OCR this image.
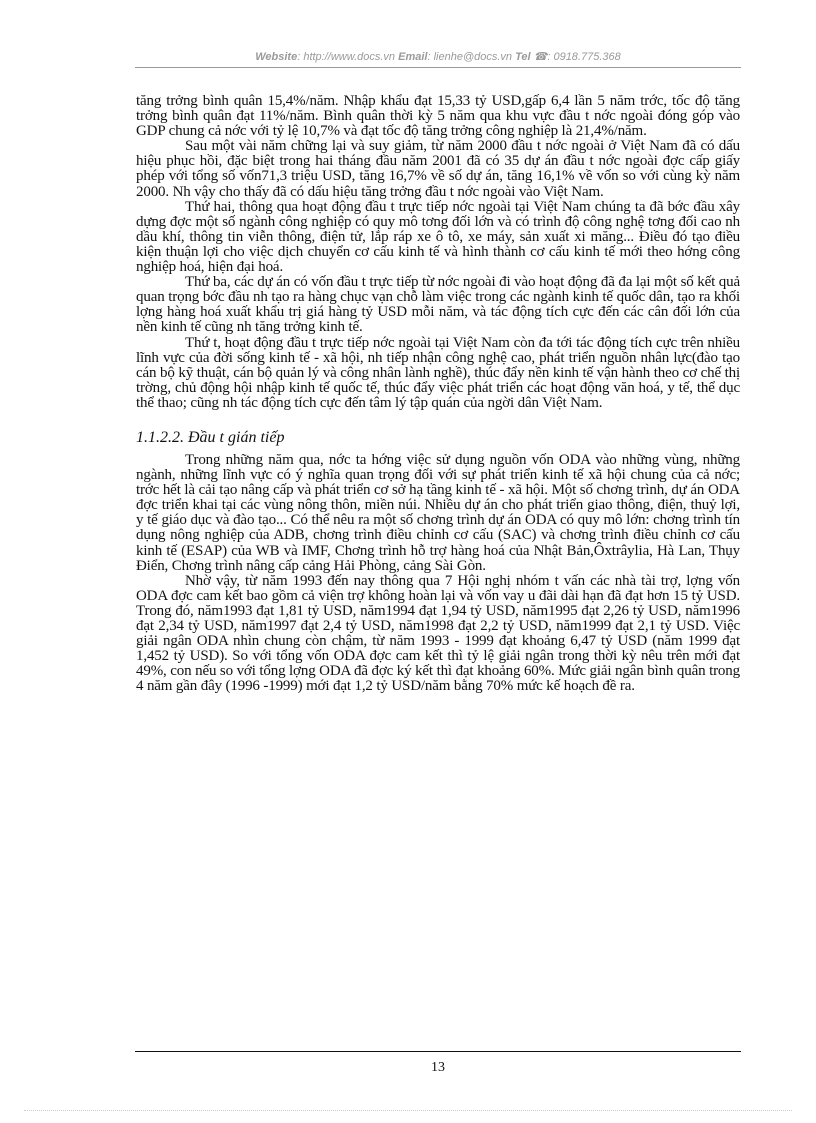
Website: http://www.docs.vn Email: lienhe@docs.vn Tel ☎: 0918.775.368

tăng trởng bình quân 15,4%/năm. Nhập khẩu đạt 15,33 tỷ USD,gấp 6,4 lần 5 năm trớc, tốc độ tăng trởng bình quân đạt 11%/năm. Bình quân thời kỳ 5 năm qua khu vực đầu t nớc ngoài đóng góp vào GDP chung cả nớc với tỷ lệ 10,7% và đạt tốc độ tăng trởng công nghiệp là 21,4%/năm.

Sau một vài năm chững lại và suy giảm, từ năm 2000 đầu t nớc ngoài ở Việt Nam đã có dấu hiệu phục hồi, đặc biệt trong hai tháng đầu năm 2001 đã có 35 dự án đầu t nớc ngoài đợc cấp giấy phép với tổng số vốn71,3 triệu USD, tăng 16,7% về số dự án, tăng 16,1% về vốn so với cùng kỳ năm 2000. Nh vậy cho thấy đã có dấu hiệu tăng trởng đầu t nớc ngoài vào Việt Nam.

Thứ hai, thông qua hoạt động đầu t trực tiếp nớc ngoài tại Việt Nam chúng ta đã bớc đầu xây dựng đợc một số ngành công nghiệp có quy mô tơng đối lớn và có trình độ công nghệ tơng đối cao nh dầu khí, thông tin viễn thông, điện tử, lắp ráp xe ô tô, xe máy, sản xuất xi măng... Điều đó tạo điều kiện thuận lợi cho việc dịch chuyển cơ cấu kinh tế và hình thành cơ cấu kinh tế mới theo hớng công nghiệp hoá, hiện đại hoá.

Thứ ba, các dự án có vốn đầu t trực tiếp từ nớc ngoài đi vào hoạt động đã đa lại một số kết quả quan trọng bớc đầu nh tạo ra hàng chục vạn chỗ làm việc trong các ngành kinh tế quốc dân, tạo ra khối lợng hàng hoá xuất khẩu trị giá hàng tỷ USD mỗi năm, và tác động tích cực đến các cân đối lớn của nền kinh tế cũng nh tăng trởng kinh tế.

Thứ t, hoạt động đầu t trực tiếp nớc ngoài tại Việt Nam còn đa tới tác động tích cực trên nhiều lĩnh vực của đời sống kinh tế - xã hội, nh tiếp nhận công nghệ cao, phát triển nguồn nhân lực(đào tạo cán bộ kỹ thuật, cán bộ quản lý và công nhân lành nghề), thúc đẩy nền kinh tế vận hành theo cơ chế thị trờng, chủ động hội nhập kinh tế quốc tế, thúc đẩy việc phát triển các hoạt động văn hoá, y tế, thể dục thể thao; cũng nh tác động tích cực đến tâm lý tập quán của ngời dân Việt Nam.

1.1.2.2. Đầu t gián tiếp

Trong những năm qua, nớc ta hớng việc sử dụng nguồn vốn ODA vào những vùng, những ngành, những lĩnh vực có ý nghĩa quan trọng đối với sự phát triển kinh tế xã hội chung của cả nớc; trớc hết là cải tạo nâng cấp và phát triển cơ sở hạ tầng kinh tế - xã hội. Một số chơng trình, dự án ODA đợc triển khai tại các vùng nông thôn, miền núi. Nhiều dự án cho phát triển giao thông, điện, thuỷ lợi, y tế giáo dục và đào tạo... Có thể nêu ra một số chơng trình dự án ODA có quy mô lớn: chơng trình tín dụng nông nghiệp của ADB, chơng trình điều chỉnh cơ cấu (SAC) và chơng trình điều chỉnh cơ cấu kinh tế (ESAP) của WB và IMF, Chơng trình hỗ trợ hàng hoá của Nhật Bản,Ôxtrâylia, Hà Lan, Thụy Điển, Chơng trình nâng cấp cảng Hải Phòng, cảng Sài Gòn.

Nhờ vậy, từ năm 1993 đến nay thông qua 7 Hội nghị nhóm t vấn các nhà tài trợ, lợng vốn ODA đợc cam kết bao gồm cả viện trợ không hoàn lại và vốn vay u đãi dài hạn đã đạt hơn 15 tỷ USD. Trong đó, năm1993 đạt 1,81 tỷ USD, năm1994 đạt 1,94 tỷ USD, năm1995 đạt 2,26 tỷ USD, năm1996 đạt 2,34 tỷ USD, năm1997 đạt 2,4 tỷ USD, năm1998 đạt 2,2 tỷ USD, năm1999 đạt 2,1 tỷ USD. Việc giải ngân ODA nhìn chung còn chậm, từ năm 1993 - 1999 đạt khoảng 6,47 tỷ USD (năm 1999 đạt 1,452 tỷ USD). So với tổng vốn ODA đợc cam kết thì tỷ lệ giải ngân trong thời kỳ nêu trên mới đạt 49%, con nếu so với tổng lợng ODA đã đợc ký kết thì đạt khoảng 60%. Mức giải ngân bình quân trong 4 năm gần đây (1996 -1999) mới đạt 1,2 tỷ USD/năm bằng 70% mức kế hoạch đề ra.

13
